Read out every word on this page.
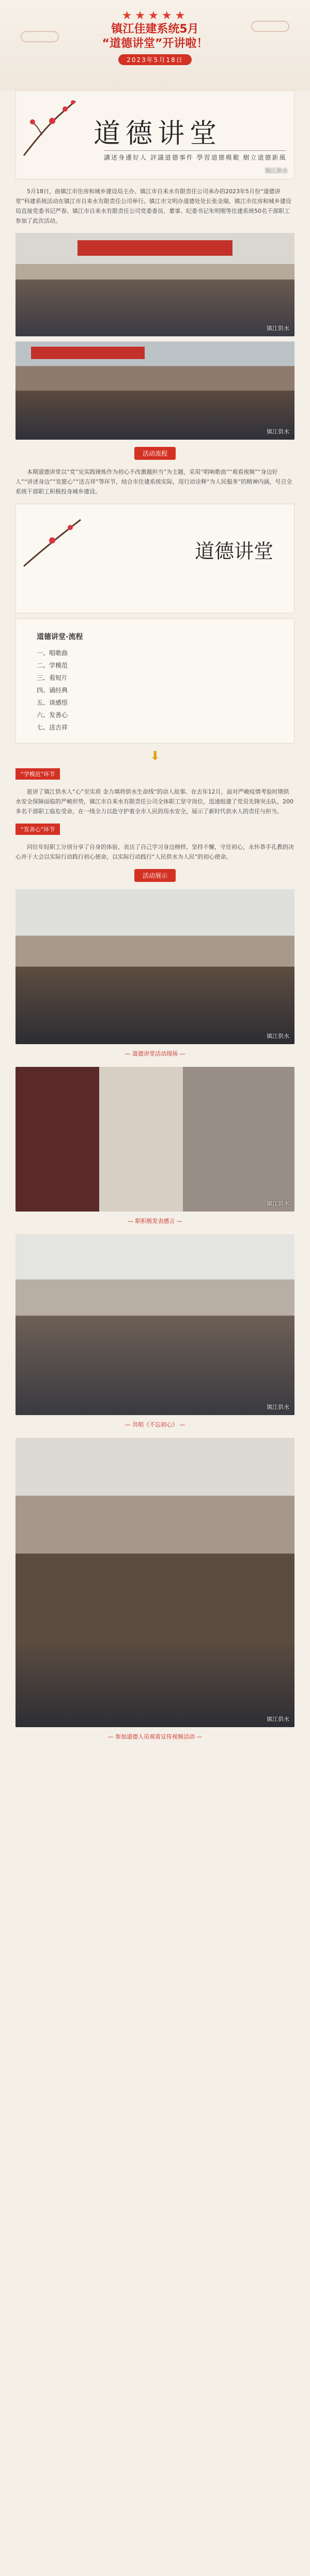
★★★★★
镇江佳建系统5月
“道德讲堂”开讲啦！
2023年5月18日
道德讲堂
講述身邊好人 評議道德事件 學習道德模範 樹立道德新風
镇江供水

5月18日，曲镇江市住房和城乡建设局主办、镇江市自来水有限责任公司承办的2023年5月份“道德讲堂”科建系统活动在镇江市自来水有限责任公司举行。镇江市文明办道德处处长张金瑞、镇江市住房和城乡建设局直接党委书记严春、镇江市自来水有限责任公司党委委员、董事、纪委书记朱明刚等住建系统50名干部职工参加了此次活动。

镇江供水
镇江供水
活动流程

本期道德讲堂以“党”见实践锤炼作为初心不改激越担当”为主题，采用“唱响歌曲”“观看视频”“身边好人”“讲述身边”“发愿心”“送吉祥”等环节，结合市住建系统实际，用行动诠释“为人民服务”的精神内涵，号召全系统干部职工积极投身城乡建设。

道德讲堂
道德讲堂·流程
一、唱歌曲
二、学模范
三、看短片
四、诵经典
五、谈感悟
六、发善心
七、送吉祥
⬇
“学模范”环节

旅讲了镇江供水人“心”至实质 金力填将供水生命线“的动人故事。在去年12月，面对严峻疫情考验时期供水安全保障面临的严峻形势，镇江市自来水有限责任公司全体职工坚守岗位，迅速组建了党员先锋突击队，200多名干部职工临危受命，在一线全力以赴守护着全市人民的用水安全，展示了新时代供水人的责任与担当。

“发善心”环节

同位年轻职工分别分享了自身的体验，表达了自己学习身边榜样，坚持不懈，守住初心，永怀恭手孔教的决心并于大会以实际行动践行初心使命，以实际行动践行“人民供水为人民”的初心使命。

活动展示
镇江供水
— 道德讲堂活动现场 —
镇江供水
— 职积极发表感言 —
镇江供水
— 共唱《不忘初心》 —
镇江供水
— 参加道德人员观看宣传视频活动 —
